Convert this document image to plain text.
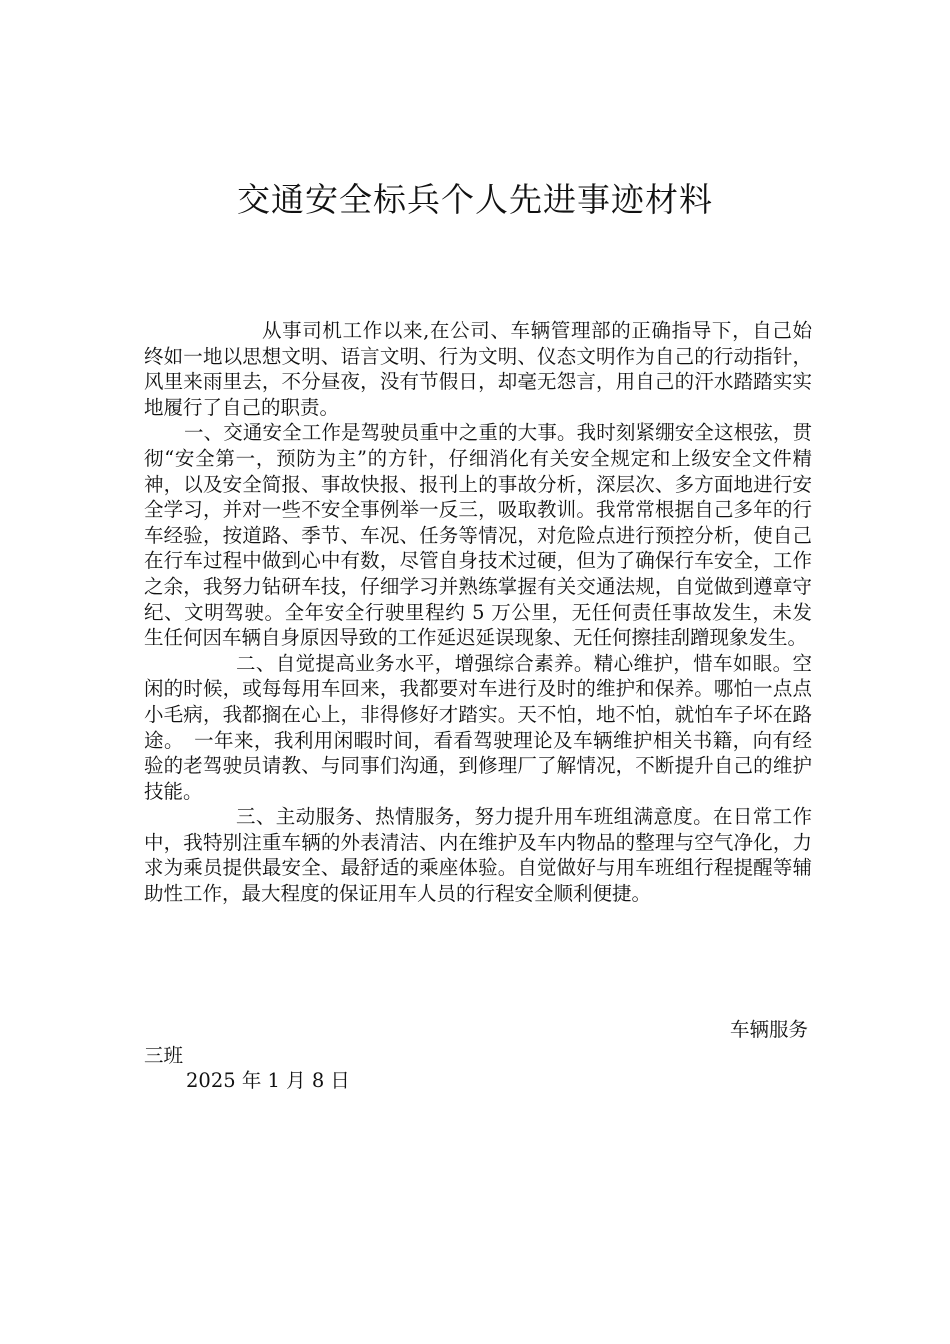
交通安全标兵个人先进事迹材料

从事司机工作以来,在公司、车辆管理部的正确指导下，自己始终如一地以思想文明、语言文明、行为文明、仪态文明作为自己的行动指针，风里来雨里去，不分昼夜，没有节假日，却毫无怨言，用自己的汗水踏踏实实地履行了自己的职责。

一、交通安全工作是驾驶员重中之重的大事。我时刻紧绷安全这根弦，贯彻“安全第一，预防为主”的方针，仔细消化有关安全规定和上级安全文件精神，以及安全简报、事故快报、报刊上的事故分析，深层次、多方面地进行安全学习，并对一些不安全事例举一反三，吸取教训。我常常根据自己多年的行车经验，按道路、季节、车况、任务等情况，对危险点进行预控分析，使自己在行车过程中做到心中有数，尽管自身技术过硬，但为了确保行车安全，工作之余，我努力钻研车技，仔细学习并熟练掌握有关交通法规，自觉做到遵章守纪、文明驾驶。全年安全行驶里程约 5 万公里，无任何责任事故发生，未发生任何因车辆自身原因导致的工作延迟延误现象、无任何擦挂刮蹭现象发生。

二、自觉提高业务水平，增强综合素养。精心维护，惜车如眼。空闲的时候，或每每用车回来，我都要对车进行及时的维护和保养。哪怕一点点小毛病，我都搁在心上，非得修好才踏实。天不怕，地不怕，就怕车子坏在路途。　一年来，我利用闲暇时间，看看驾驶理论及车辆维护相关书籍，向有经验的老驾驶员请教、与同事们沟通，到修理厂了解情况，不断提升自己的维护技能。

三、主动服务、热情服务，努力提升用车班组满意度。在日常工作中，我特别注重车辆的外表清洁、内在维护及车内物品的整理与空气净化，力求为乘员提供最安全、最舒适的乘座体验。自觉做好与用车班组行程提醒等辅助性工作，最大程度的保证用车人员的行程安全顺利便捷。

车辆服务
三班
2025 年 1 月 8 日
